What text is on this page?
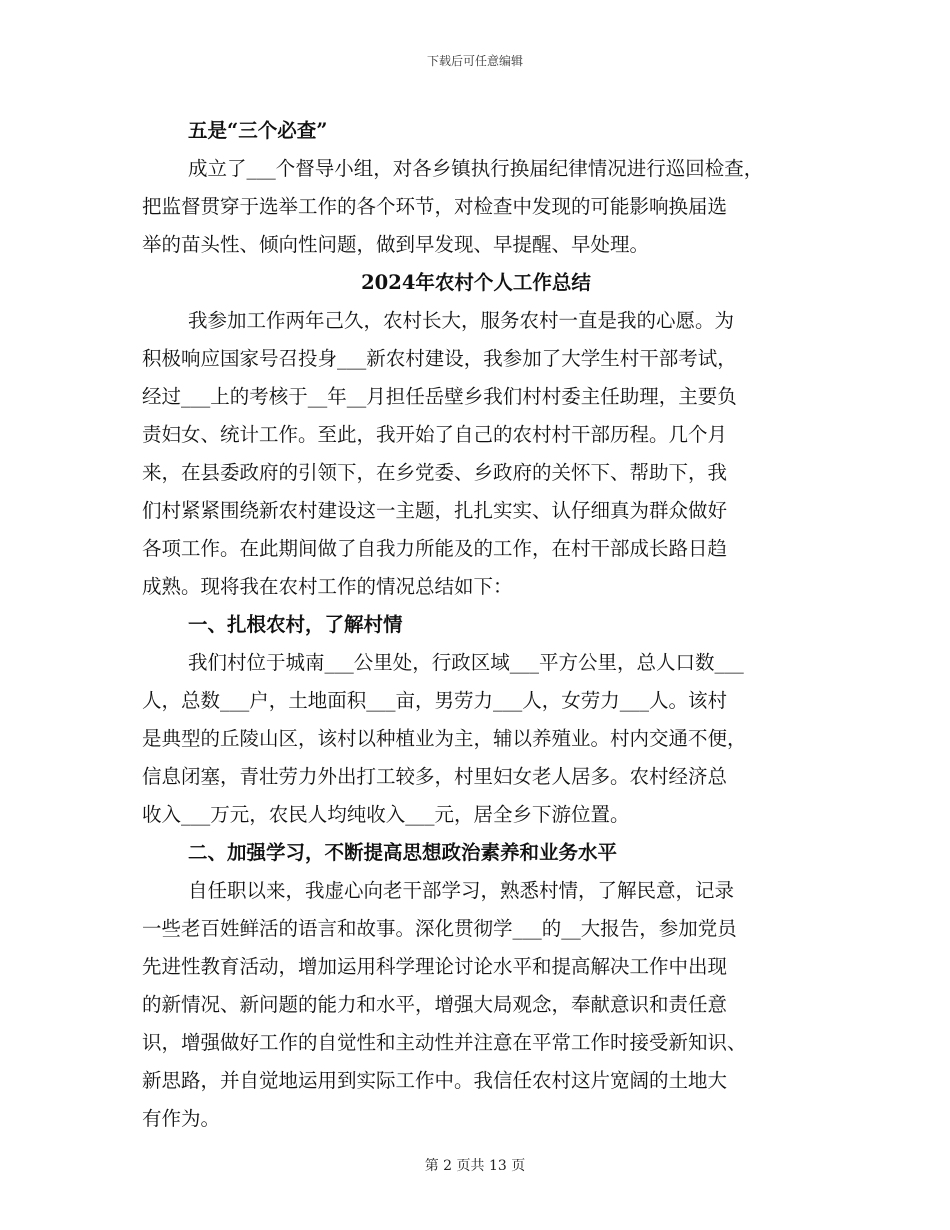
下载后可任意编辑
五是“三个必查”
成立了___个督导小组，对各乡镇执行换届纪律情况进行巡回检查，
把监督贯穿于选举工作的各个环节，对检查中发现的可能影响换届选
举的苗头性、倾向性问题，做到早发现、早提醒、早处理。
2024年农村个人工作总结
我参加工作两年己久，农村长大，服务农村一直是我的心愿。为
积极响应国家号召投身___新农村建设，我参加了大学生村干部考试，
经过___上的考核于__年__月担任岳壁乡我们村村委主任助理，主要负
责妇女、统计工作。至此，我开始了自己的农村村干部历程。几个月
来，在县委政府的引领下，在乡党委、乡政府的关怀下、帮助下，我
们村紧紧围绕新农村建设这一主题，扎扎实实、认仔细真为群众做好
各项工作。在此期间做了自我力所能及的工作，在村干部成长路日趋
成熟。现将我在农村工作的情况总结如下：
一、扎根农村，了解村情
我们村位于城南___公里处，行政区域___平方公里，总人口数___
人，总数___户，土地面积___亩，男劳力___人，女劳力___人。该村
是典型的丘陵山区，该村以种植业为主，辅以养殖业。村内交通不便，
信息闭塞，青壮劳力外出打工较多，村里妇女老人居多。农村经济总
收入___万元，农民人均纯收入___元，居全乡下游位置。
二、加强学习，不断提高思想政治素养和业务水平
自任职以来，我虚心向老干部学习，熟悉村情，了解民意，记录
一些老百姓鲜活的语言和故事。深化贯彻学___的__大报告，参加党员
先进性教育活动，增加运用科学理论讨论水平和提高解决工作中出现
的新情况、新问题的能力和水平，增强大局观念，奉献意识和责任意
识，增强做好工作的自觉性和主动性并注意在平常工作时接受新知识、
新思路，并自觉地运用到实际工作中。我信任农村这片宽阔的土地大
有作为。
第 2 页共 13 页
